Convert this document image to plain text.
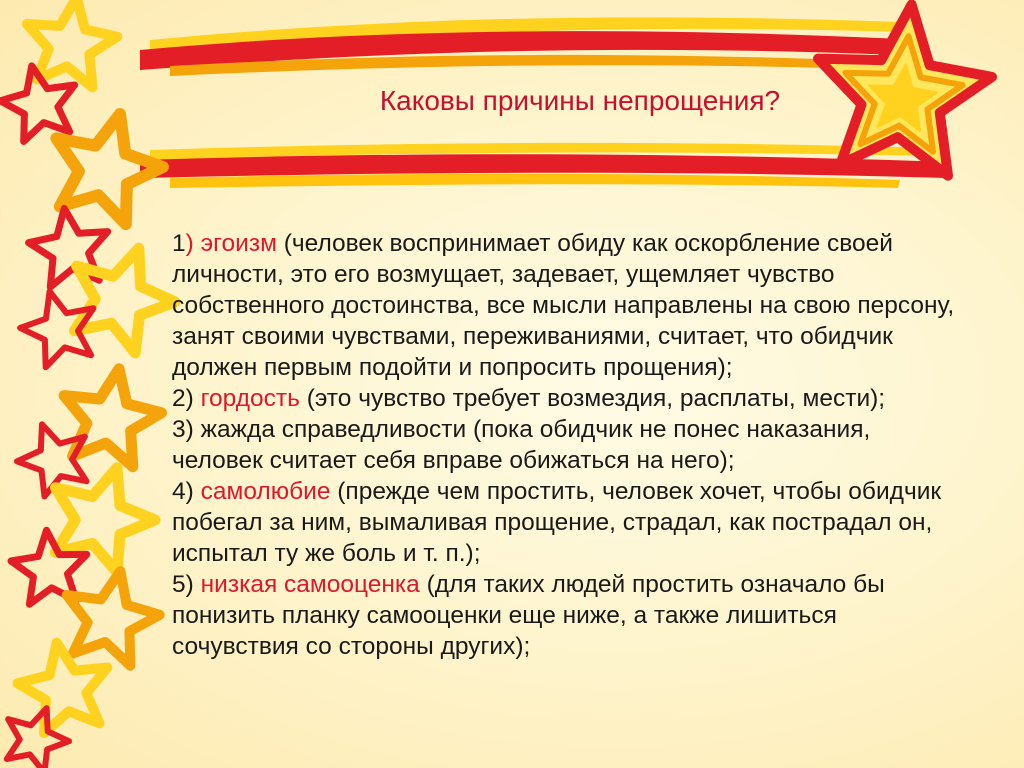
Каковы причины непрощения?
1) эгоизм (человек воспринимает обиду как оскорбление своей
личности, это его возмущает, задевает, ущемляет чувство
собственного достоинства, все мысли направлены на свою персону,
занят своими чувствами, переживаниями, считает, что обидчик
должен первым подойти и попросить прощения);
2) гордость (это чувство требует возмездия, расплаты, мести);
3) жажда справедливости (пока обидчик не понес наказания,
человек считает себя вправе обижаться на него);
4) самолюбие (прежде чем простить, человек хочет, чтобы обидчик
побегал за ним, вымаливая прощение, страдал, как пострадал он,
испытал ту же боль и т. п.);
5) низкая самооценка (для таких людей простить означало бы
понизить планку самооценки еще ниже, а также лишиться
сочувствия со стороны других);
